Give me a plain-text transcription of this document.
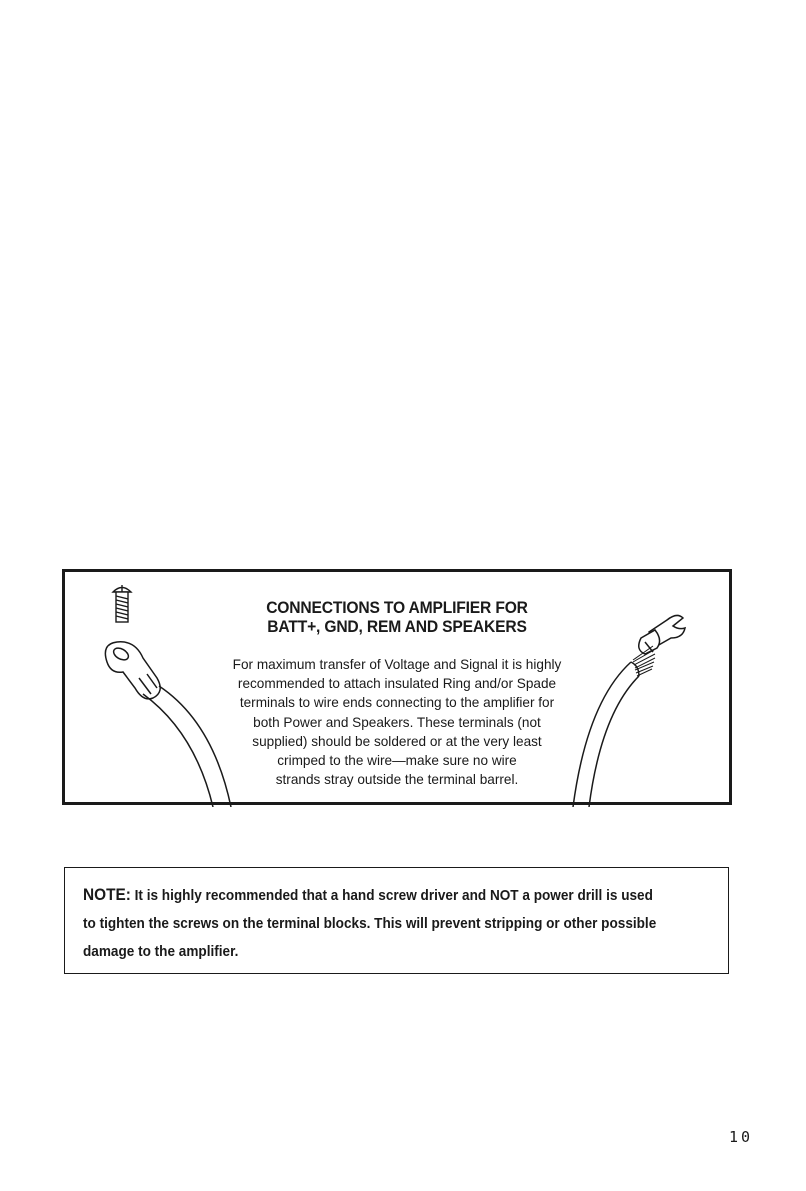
CONNECTIONS TO AMPLIFIER FOR
BATT+, GND, REM AND SPEAKERS
For maximum transfer of Voltage and Signal it is highly
recommended to attach insulated Ring and/or Spade
terminals to wire ends connecting to the amplifier for
both Power and Speakers. These terminals (not
supplied) should be soldered or at the very least
crimped to the wire—make sure no wire
strands stray outside the terminal barrel.
NOTE: It is highly recommended that a hand screw driver and NOT a power drill is used
to tighten the screws on the terminal blocks. This will prevent stripping or other possible
damage to the amplifier.
10
